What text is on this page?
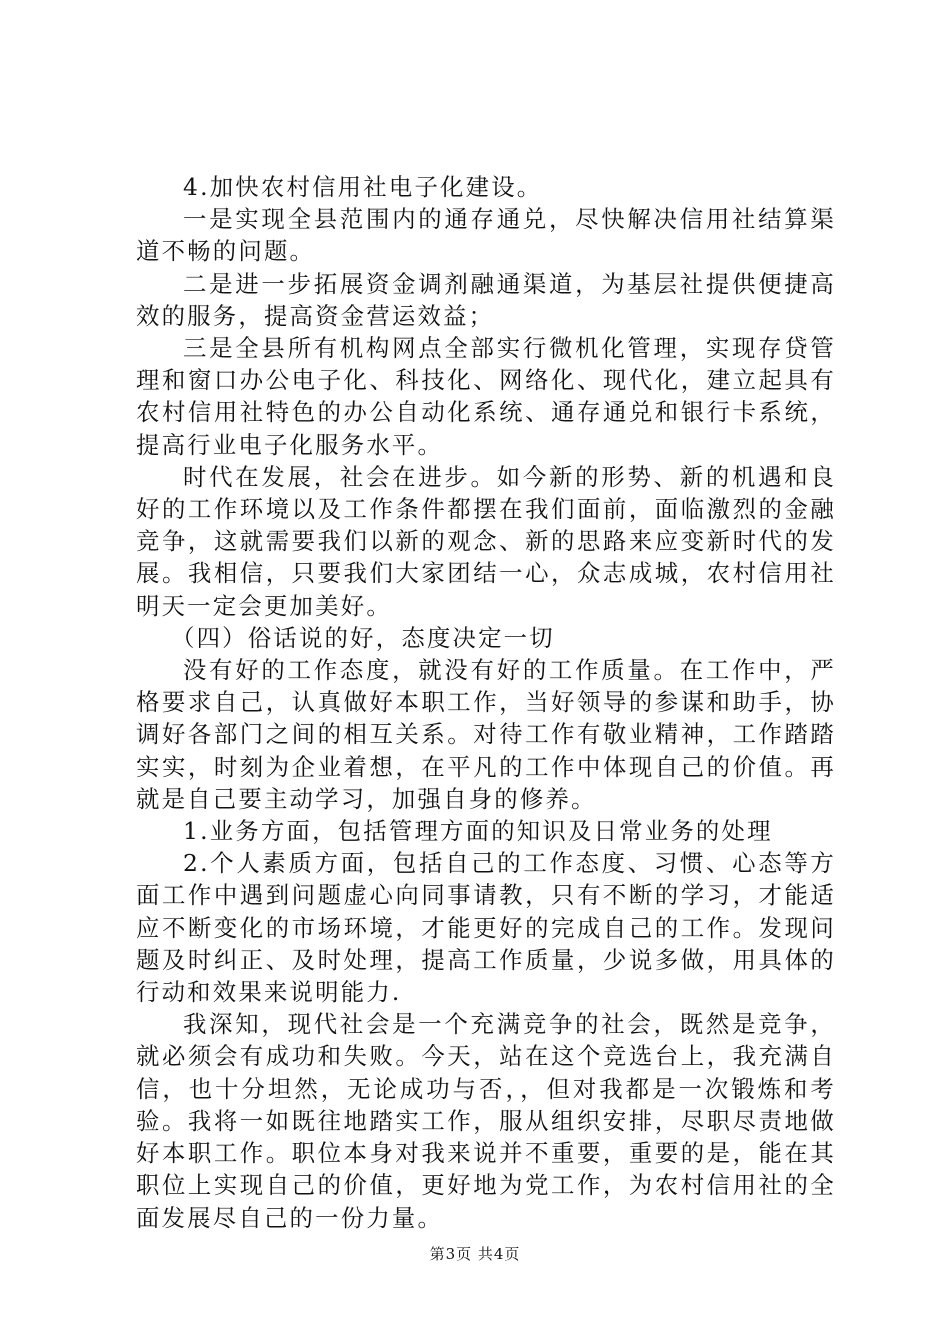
4.加快农村信用社电子化建设。

一是实现全县范围内的通存通兑，尽快解决信用社结算渠道不畅的问题。

二是进一步拓展资金调剂融通渠道，为基层社提供便捷高效的服务，提高资金营运效益；

三是全县所有机构网点全部实行微机化管理，实现存贷管理和窗口办公电子化、科技化、网络化、现代化，建立起具有农村信用社特色的办公自动化系统、通存通兑和银行卡系统，提高行业电子化服务水平。

时代在发展，社会在进步。如今新的形势、新的机遇和良好的工作环境以及工作条件都摆在我们面前，面临激烈的金融竞争，这就需要我们以新的观念、新的思路来应变新时代的发展。我相信，只要我们大家团结一心，众志成城，农村信用社明天一定会更加美好。

（四）俗话说的好，态度决定一切

没有好的工作态度，就没有好的工作质量。在工作中，严格要求自己，认真做好本职工作，当好领导的参谋和助手，协调好各部门之间的相互关系。对待工作有敬业精神，工作踏踏实实，时刻为企业着想，在平凡的工作中体现自己的价值。再就是自己要主动学习，加强自身的修养。

1.业务方面，包括管理方面的知识及日常业务的处理

2.个人素质方面，包括自己的工作态度、习惯、心态等方面工作中遇到问题虚心向同事请教，只有不断的学习，才能适应不断变化的市场环境，才能更好的完成自己的工作。发现问题及时纠正、及时处理，提高工作质量，少说多做，用具体的行动和效果来说明能力.

我深知，现代社会是一个充满竞争的社会，既然是竞争，就必须会有成功和失败。今天，站在这个竞选台上，我充满自信，也十分坦然，无论成功与否，，但对我都是一次锻炼和考验。我将一如既往地踏实工作，服从组织安排，尽职尽责地做好本职工作。职位本身对我来说并不重要，重要的是，能在其职位上实现自己的价值，更好地为党工作，为农村信用社的全面发展尽自己的一份力量。

第3页 共4页
